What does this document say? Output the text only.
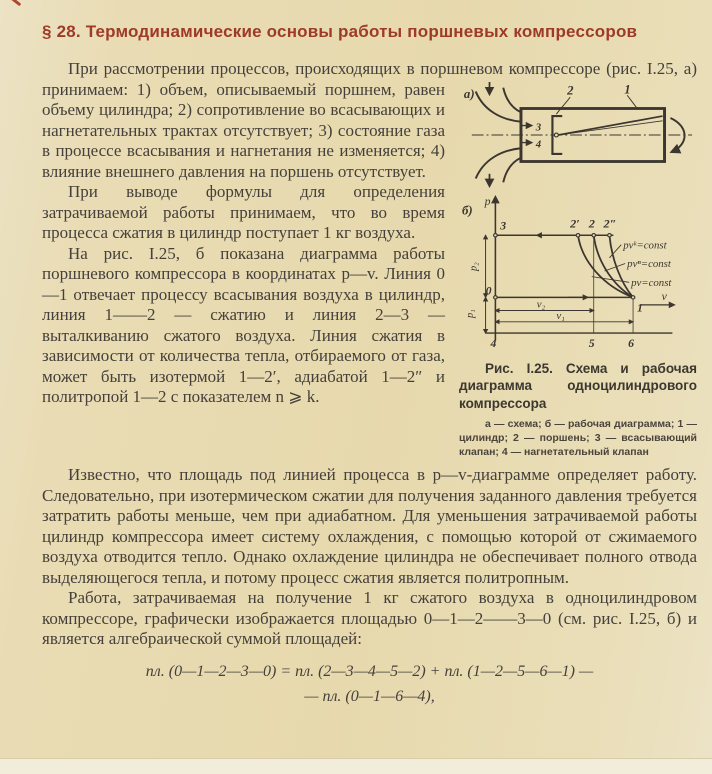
§ 28. Термодинамические основы работы поршневых компрессоров
При рассмотрении процессов, происходящих в поршневом компрессоре (рис. I.25, а) принимаем: 1) объем, описываемый поршнем, равен а)	2	1
3
4
б)
p
v
3	2′ 2 2″
0
1
4	5	6
pvᵏ=const
pvⁿ=const
pv=const
p₂
p₁
v₂
v₁
Рис. I.25. Схема и рабочая диаграмма одноцилиндрового компрессора
а — схема; б — рабочая диаграмма; 1 — цилиндр; 2 — поршень; 3 — всасывающий клапан; 4 — нагнетательный клапан
объему цилиндра; 2) сопротивление во всасывающих и нагнетательных трактах отсутствует; 3) состояние газа в процессе всасывания и нагнетания не изменяется; 4) влияние внешнего давления на поршень отсутствует.
При выводе формулы для определения затрачиваемой работы принимаем, что во время процесса сжатия в цилиндр поступает 1 кг воздуха.
На рис. I.25, б показана диаграмма работы поршневого компрессора в координатах p—v. Линия 0—1 отвечает процессу всасывания воздуха в цилиндр, линия 1——2 — сжатию и линия 2—3 — выталкиванию сжатого воздуха. Линия сжатия в зависимости от количества тепла, отбираемого от газа, может быть изотермой 1—2′, адиабатой 1—2″ и политропой 1—2 с показателем n ⩾ k.
Известно, что площадь под линией процесса в p—v-диаграмме определяет работу. Следовательно, при изотермическом сжатии для получения заданного давления требуется затратить работы меньше, чем при адиабатном. Для уменьшения затрачиваемой работы цилиндр компрессора имеет систему охлаждения, с помощью которой от сжимаемого воздуха отводится тепло. Однако охлаждение цилиндра не обеспечивает полного отвода выделяющегося тепла, и потому процесс сжатия является политропным.
Работа, затрачиваемая на получение 1 кг сжатого воздуха в одноцилиндровом компрессоре, графически изображается площадью 0—1—2——3—0 (см. рис. I.25, б) и является алгебраической суммой площадей:
пл. (0—1—2—3—0) = пл. (2—3—4—5—2) + пл. (1—2—5—6—1) —
— пл. (0—1—6—4),
